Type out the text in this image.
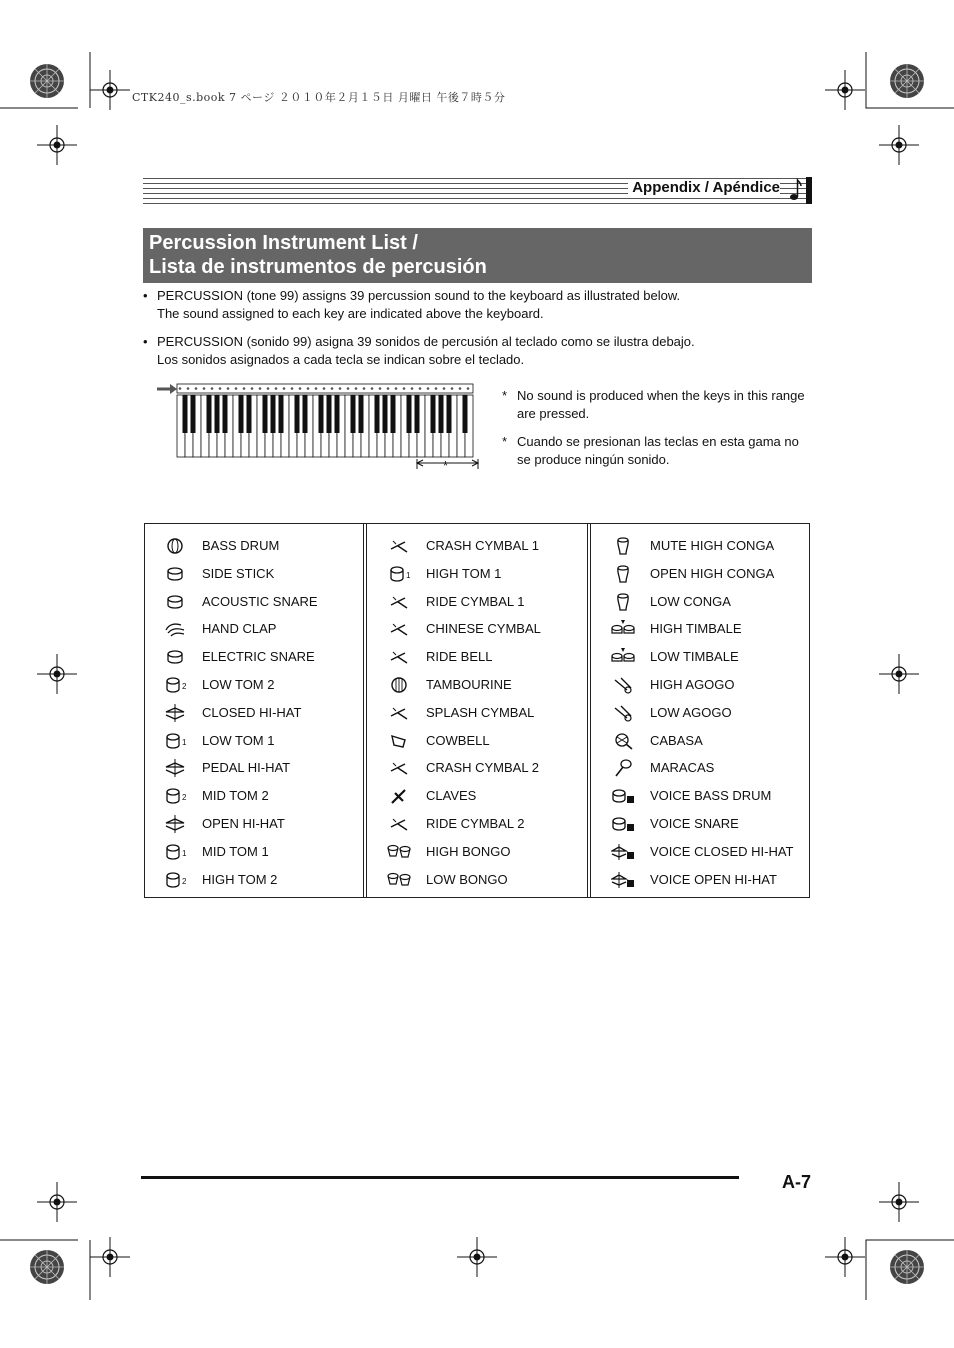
CTK240_s.book 7 ページ ２０１０年２月１５日 月曜日 午後７時５分
Appendix / Apéndice
Percussion Instrument List /
Lista de instrumentos de percusión
• PERCUSSION (tone 99) assigns 39 percussion sound to the keyboard as illustrated below.
The sound assigned to each key are indicated above the keyboard.
• PERCUSSION (sonido 99) asigna 39 sonidos de percusión al teclado como se ilustra debajo.
Los sonidos asignados a cada tecla se indican sobre el teclado.
*
* No sound is produced when the keys in this range are pressed.
* Cuando se presionan las teclas en esta gama no se produce ningún sonido.
BASS DRUM
SIDE STICK
ACOUSTIC SNARE
HAND CLAP
ELECTRIC SNARE
2 LOW TOM 2
CLOSED HI-HAT
1 LOW TOM 1
PEDAL HI-HAT
2 MID TOM 2
OPEN HI-HAT
1 MID TOM 1
2 HIGH TOM 2
CRASH CYMBAL 1
1 HIGH TOM 1
RIDE CYMBAL 1
CHINESE CYMBAL
RIDE BELL
TAMBOURINE
SPLASH CYMBAL
COWBELL
CRASH CYMBAL 2
CLAVES
RIDE CYMBAL 2
HIGH BONGO
LOW BONGO
MUTE HIGH CONGA
OPEN HIGH CONGA
LOW CONGA
HIGH TIMBALE
LOW TIMBALE
HIGH AGOGO
LOW AGOGO
CABASA
MARACAS
VOICE BASS DRUM
VOICE SNARE
VOICE CLOSED HI-HAT
VOICE OPEN HI-HAT
A-7
